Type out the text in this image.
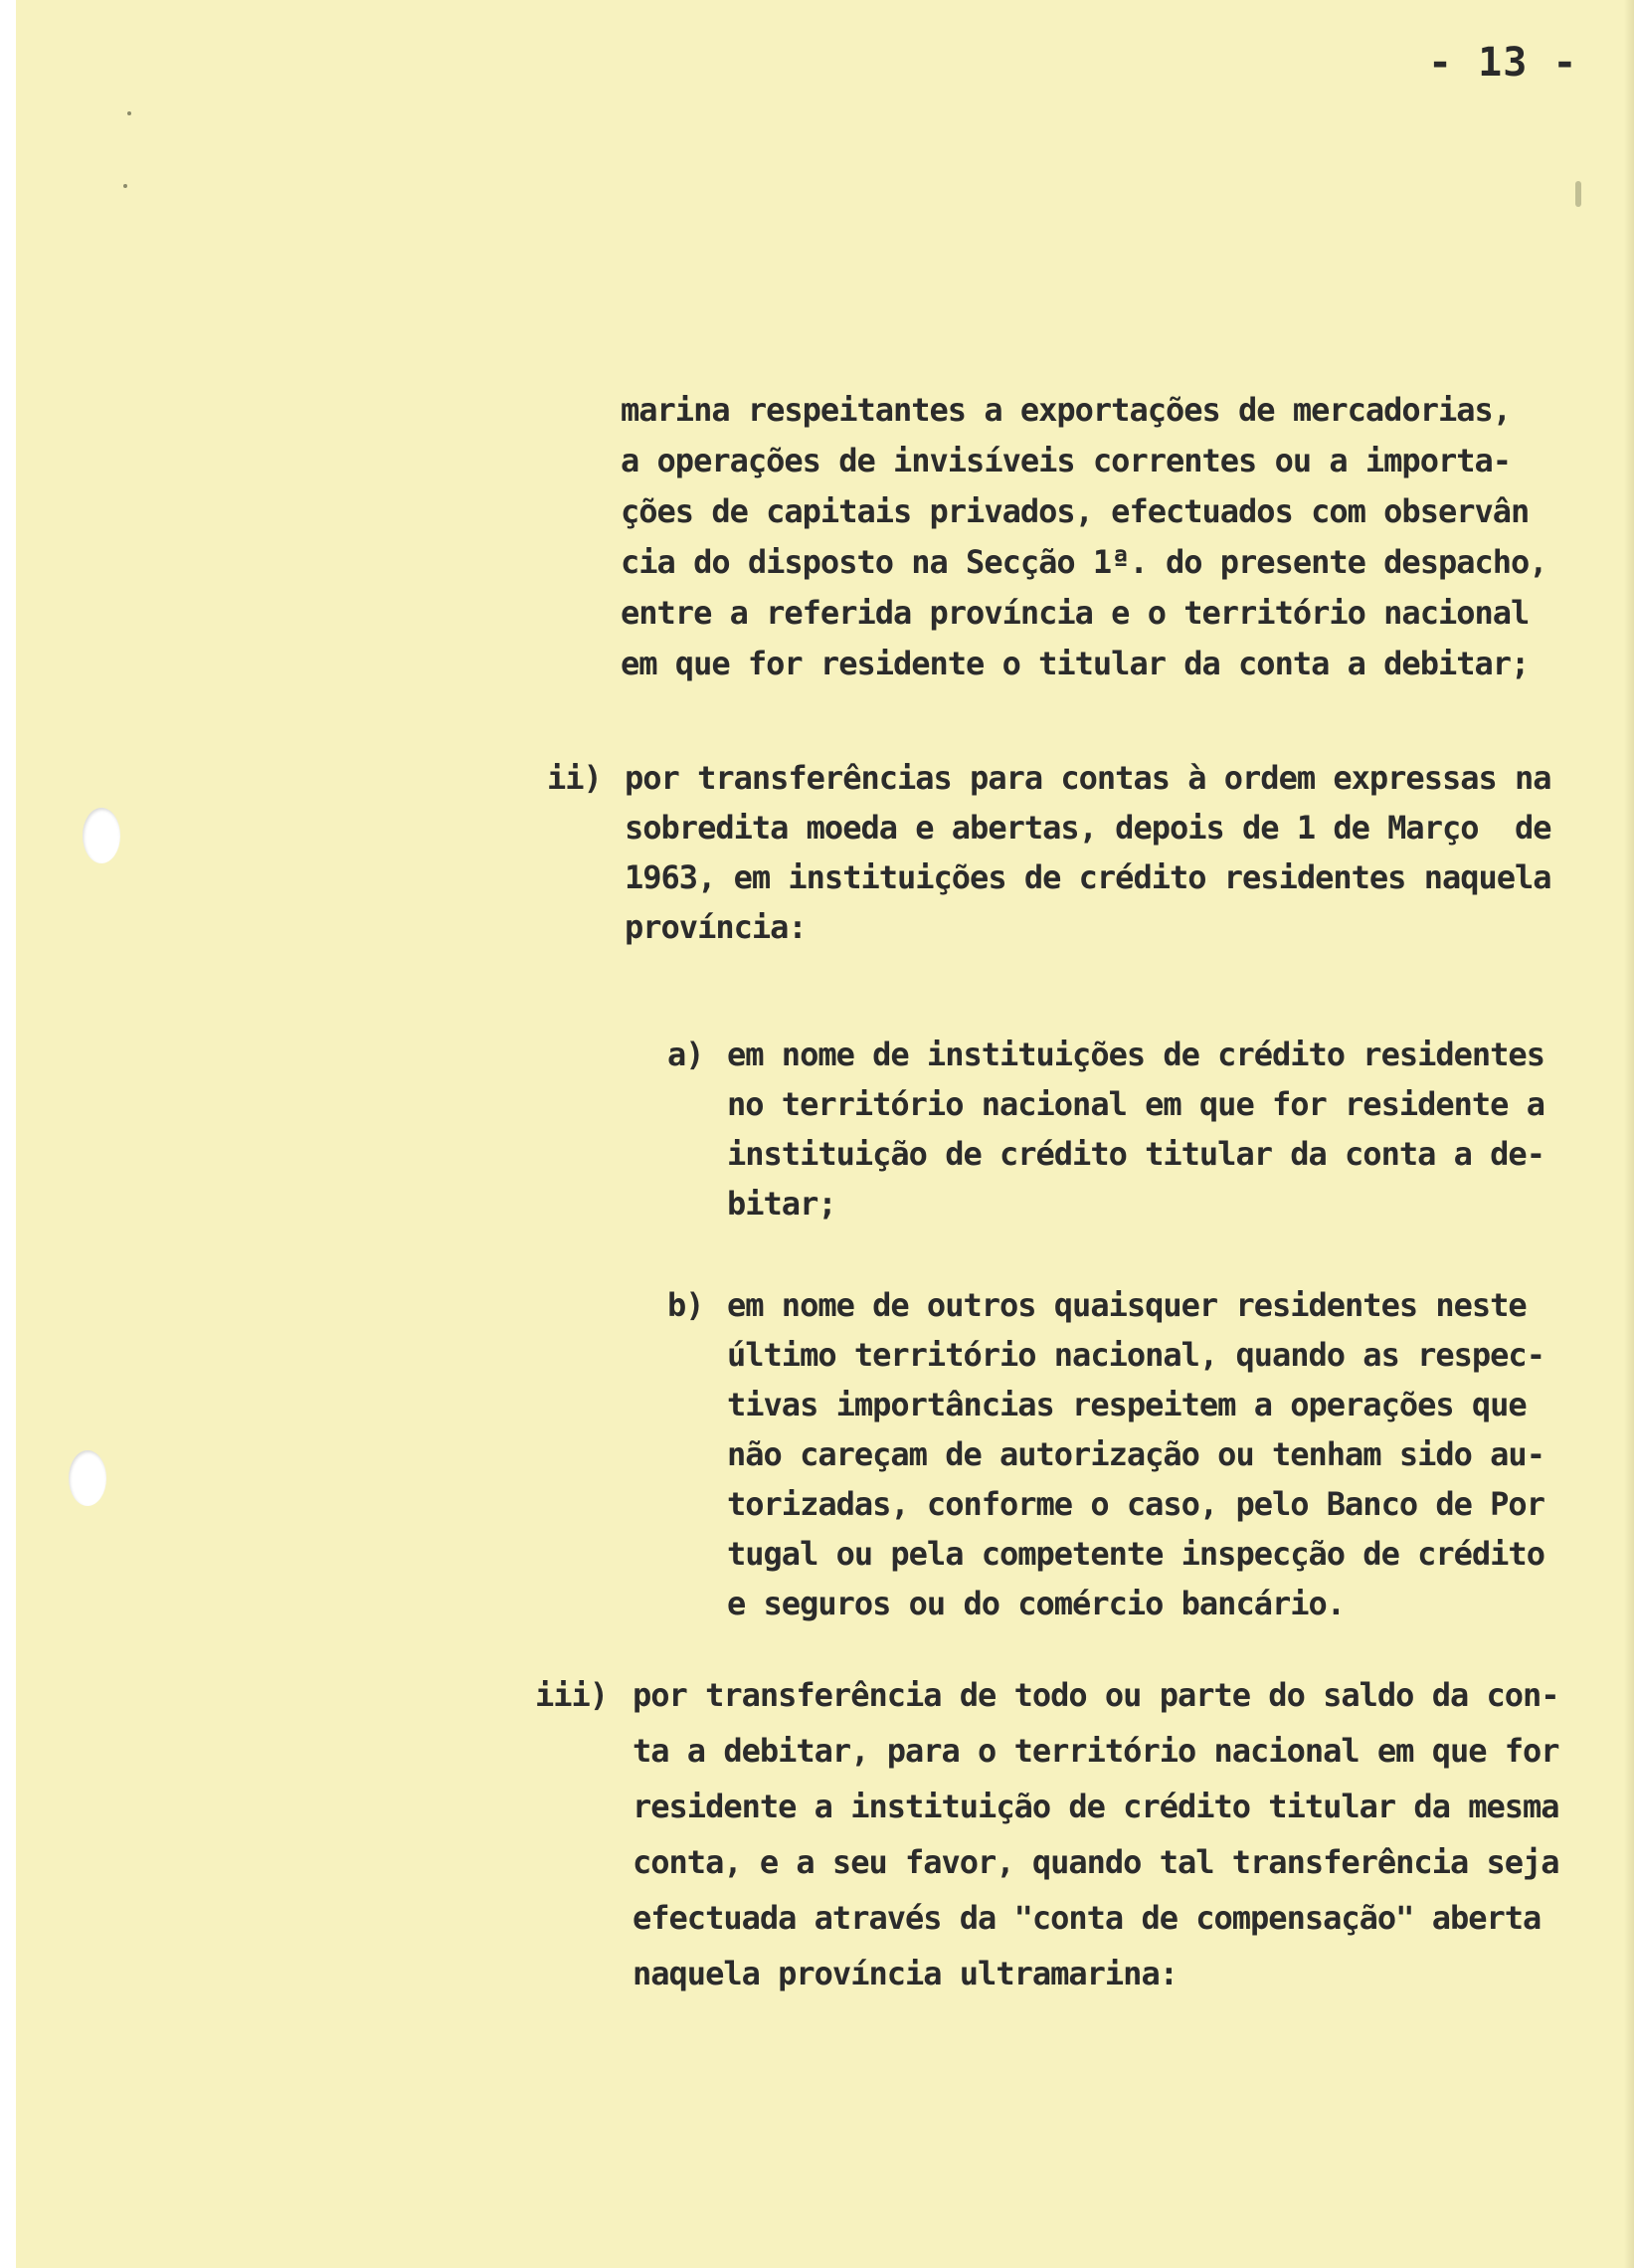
- 13 -
marina respeitantes a exportações de mercadorias,
a operações de invisíveis correntes ou a importa-
ções de capitais privados, efectuados com observân
cia do disposto na Secção 1ª. do presente despacho,
entre a referida província e o território nacional
em que for residente o titular da conta a debitar;
ii) por transferências para contas à ordem expressas na
sobredita moeda e abertas, depois de 1 de Março  de
1963, em instituições de crédito residentes naquela
província:
a) em nome de instituições de crédito residentes
no território nacional em que for residente a
instituição de crédito titular da conta a de-
bitar;
b) em nome de outros quaisquer residentes neste
último território nacional, quando as respec-
tivas importâncias respeitem a operações que
não careçam de autorização ou tenham sido au-
torizadas, conforme o caso, pelo Banco de Por
tugal ou pela competente inspecção de crédito
e seguros ou do comércio bancário.
iii) por transferência de todo ou parte do saldo da con-
ta a debitar, para o território nacional em que for
residente a instituição de crédito titular da mesma
conta, e a seu favor, quando tal transferência seja
efectuada através da "conta de compensação" aberta
naquela província ultramarina:
